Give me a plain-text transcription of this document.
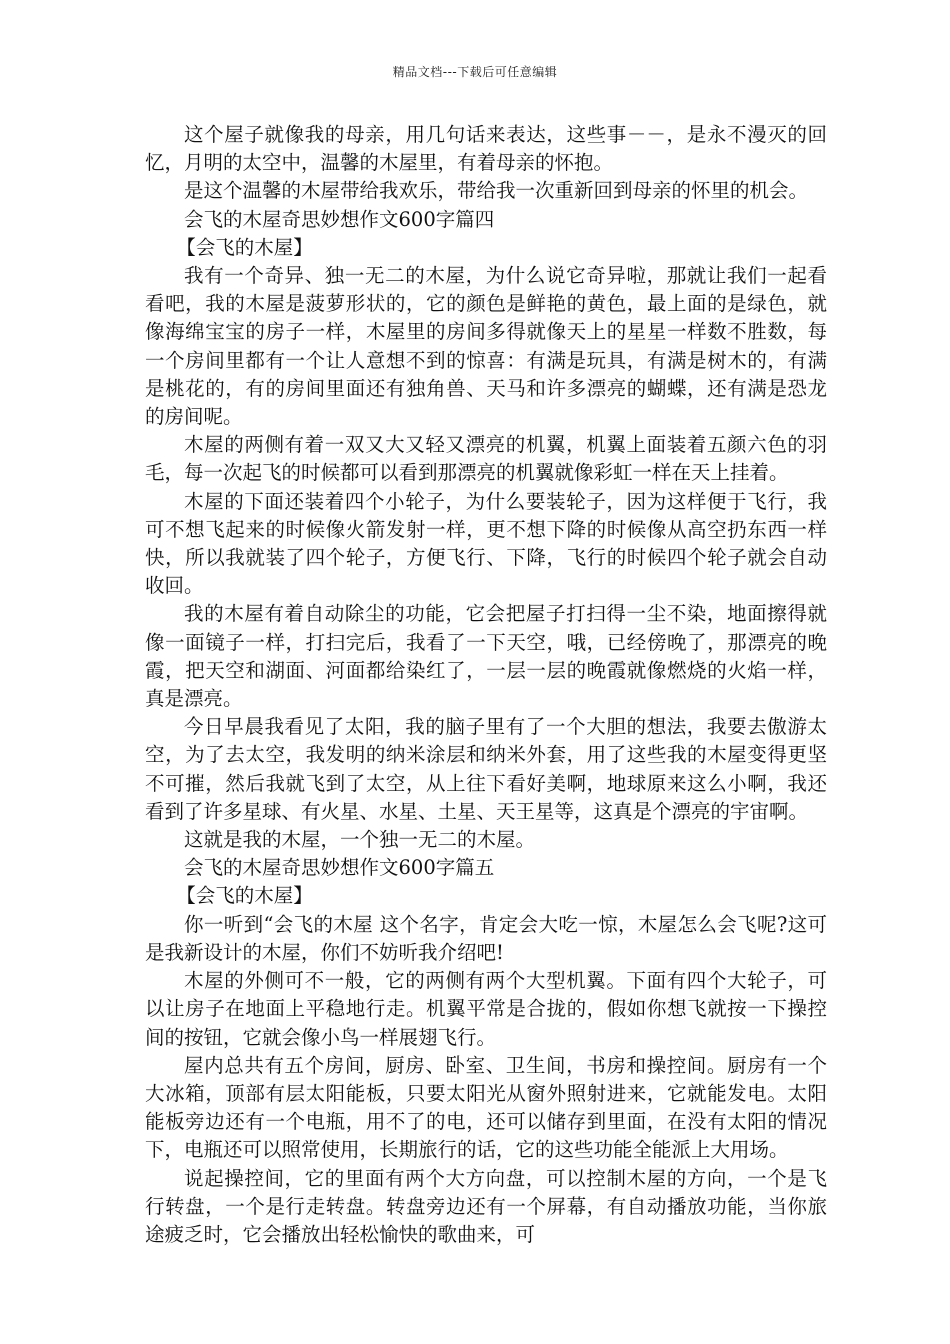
精品文档---下载后可任意编辑

这个屋子就像我的母亲，用几句话来表达，这些事－－，是永不漫灭的回忆，月明的太空中，温馨的木屋里，有着母亲的怀抱。

是这个温馨的木屋带给我欢乐，带给我一次重新回到母亲的怀里的机会。

会飞的木屋奇思妙想作文600字篇四

【会飞的木屋】

我有一个奇异、独一无二的木屋，为什么说它奇异啦，那就让我们一起看看吧，我的木屋是菠萝形状的，它的颜色是鲜艳的黄色，最上面的是绿色，就像海绵宝宝的房子一样，木屋里的房间多得就像天上的星星一样数不胜数，每一个房间里都有一个让人意想不到的惊喜：有满是玩具，有满是树木的，有满是桃花的，有的房间里面还有独角兽、天马和许多漂亮的蝴蝶，还有满是恐龙的房间呢。

木屋的两侧有着一双又大又轻又漂亮的机翼，机翼上面装着五颜六色的羽毛，每一次起飞的时候都可以看到那漂亮的机翼就像彩虹一样在天上挂着。

木屋的下面还装着四个小轮子，为什么要装轮子，因为这样便于飞行，我可不想飞起来的时候像火箭发射一样，更不想下降的时候像从高空扔东西一样快，所以我就装了四个轮子，方便飞行、下降，飞行的时候四个轮子就会自动收回。

我的木屋有着自动除尘的功能，它会把屋子打扫得一尘不染，地面擦得就像一面镜子一样，打扫完后，我看了一下天空，哦，已经傍晚了，那漂亮的晚霞，把天空和湖面、河面都给染红了，一层一层的晚霞就像燃烧的火焰一样，真是漂亮。

今日早晨我看见了太阳，我的脑子里有了一个大胆的想法，我要去傲游太空，为了去太空，我发明的纳米涂层和纳米外套，用了这些我的木屋变得更坚不可摧，然后我就飞到了太空，从上往下看好美啊，地球原来这么小啊，我还看到了许多星球、有火星、水星、土星、天王星等，这真是个漂亮的宇宙啊。

这就是我的木屋，一个独一无二的木屋。

会飞的木屋奇思妙想作文600字篇五

【会飞的木屋】

你一听到“会飞的木屋 这个名字，肯定会大吃一惊，木屋怎么会飞呢?这可是我新设计的木屋，你们不妨听我介绍吧!

木屋的外侧可不一般，它的两侧有两个大型机翼。下面有四个大轮子，可以让房子在地面上平稳地行走。机翼平常是合拢的，假如你想飞就按一下操控间的按钮，它就会像小鸟一样展翅飞行。

屋内总共有五个房间，厨房、卧室、卫生间，书房和操控间。厨房有一个大冰箱，顶部有层太阳能板，只要太阳光从窗外照射进来，它就能发电。太阳能板旁边还有一个电瓶，用不了的电，还可以储存到里面，在没有太阳的情况下，电瓶还可以照常使用，长期旅行的话，它的这些功能全能派上大用场。

说起操控间，它的里面有两个大方向盘，可以控制木屋的方向，一个是飞行转盘，一个是行走转盘。转盘旁边还有一个屏幕，有自动播放功能，当你旅途疲乏时，它会播放出轻松愉快的歌曲来，可
